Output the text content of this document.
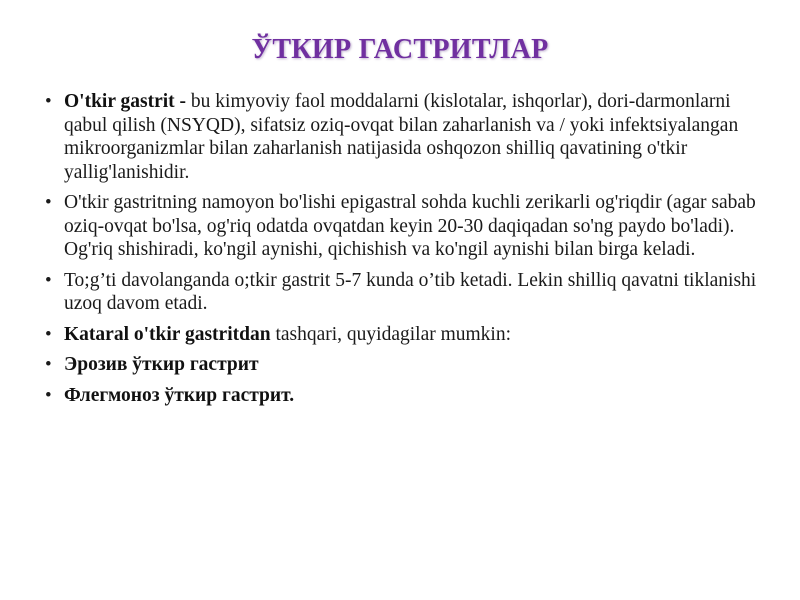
ЎТКИР ГАСТРИТЛАР
• O'tkir gastrit - bu kimyoviy faol moddalarni (kislotalar, ishqorlar), dori-darmonlarni qabul qilish (NSYQD), sifatsiz oziq-ovqat bilan zaharlanish va / yoki infektsiyalangan mikroorganizmlar bilan zaharlanish natijasida oshqozon shilliq qavatining o'tkir yallig'lanishidir.
• O'tkir gastritning namoyon bo'lishi epigastral sohda kuchli zerikarli og'riqdir (agar sabab oziq-ovqat bo'lsa, og'riq odatda ovqatdan keyin 20-30 daqiqadan so'ng paydo bo'ladi). Og'riq shishiradi, ko'ngil aynishi, qichishish va ko'ngil aynishi bilan birga keladi.
• To;g’ti davolanganda o;tkir gastrit 5-7 kunda o’tib ketadi. Lekin shilliq qavatni tiklanishi uzoq davom etadi.
• Kataral o'tkir gastritdan tashqari, quyidagilar mumkin:
• Эрозив ўткир гастрит
• Флегмоноз ўткир гастрит.
